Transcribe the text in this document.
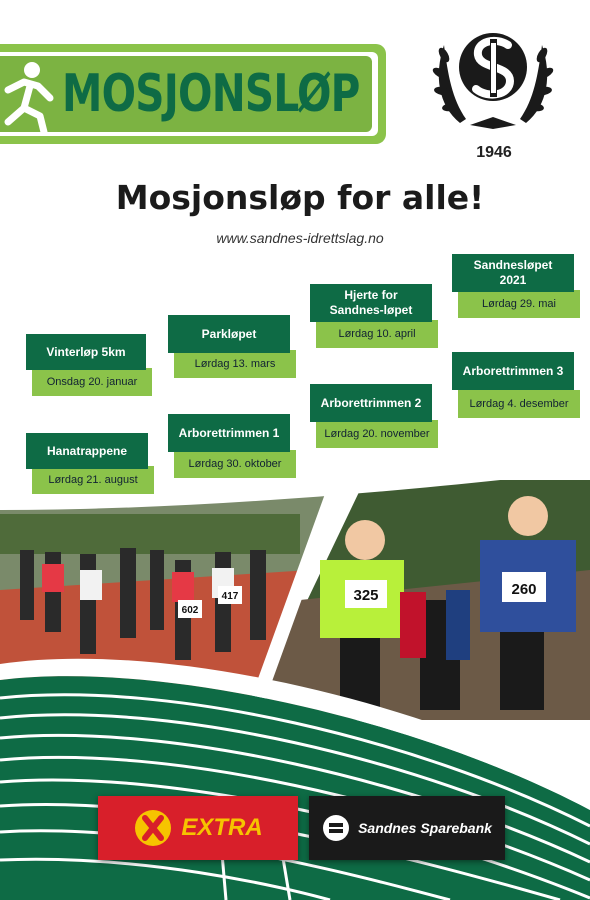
MOSJONSLØP
1946
Mosjonsløp for alle!
www.sandnes-idrettslag.no
Vinterløp 5km
Onsdag 20. januar
Parkløpet
Lørdag 13. mars
Hjerte for
Sandnes-løpet
Lørdag 10. april
Sandnesløpet
2021
Lørdag 29. mai
Hanatrappene
Lørdag 21. august
Arborettrimmen 1
Lørdag 30. oktober
Arborettrimmen 2
Lørdag 20. november
Arborettrimmen 3
Lørdag 4. desember
325	260
602
417
EXTRA	Sandnes Sparebank
